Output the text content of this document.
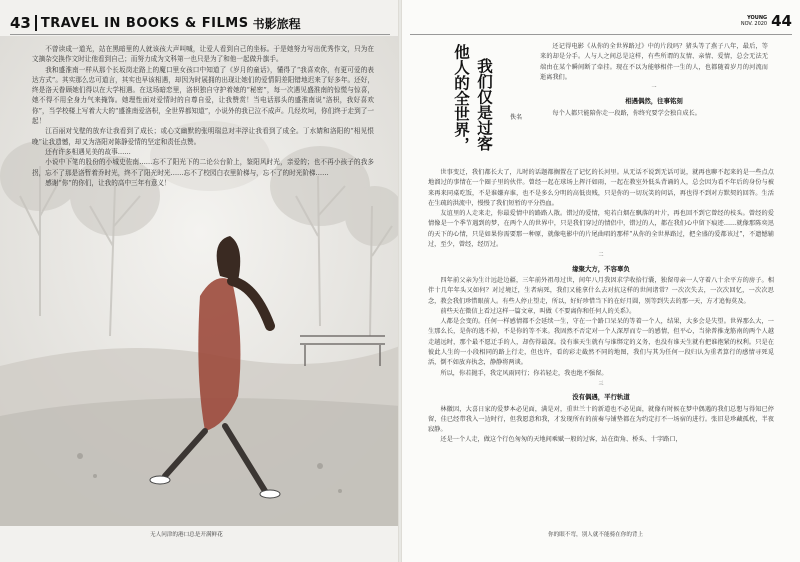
43 TRAVEL IN BOOKS & FILMS 书影旅程

不曾读成一道光，站在黑暗里的人就该孩大声叫喊，让爱人看到自己的坐标。于是她努力写出优秀作文，只为在文摘杂交换作文时让他看到自己；而努力成为文科第一也只是为了和他一起做升旗手。

我和盛淮南一样从那个长坂岗走路上的魔口里女孩口中知道了《岁月的童话》，懂得了“我喜欢你，有更可爱的表达方式”。其实那么忠可道言，其实也早该相遇，却因为时展拥的出现让她们的爱情阴差阳错地迟来了好多年。还好，终是洛天眷顾她们得以在大学相遇。在这场暗恋里，洛枳独自守护着她的“秘密”，每一次遇见盛淮南的惊慌与惊喜，她不得不用全身力气来掩饰。她理性面对爱情时的自尊自爱，让我赞赏！当电话那头的盛淮南说“洛枳，我好喜欢你”，当学校楼上写着大大的“盛淮南爱洛枳，全世界都知道”，小说外的我已泣不成声。几经坎坷，你们终于走到了一起！

江百丽对戈壁的放弃让我看到了成长；或心文幽默的张明瑞总对丰浮让我看到了成全。丁水婧和洛阳的“相见恨晚”让我遗憾，却又为洛阳对陈静爱情的坚定和责任点赞。

还有许多相遇见美的故事……

小说中下笔的股份的小城史佐南……忘不了阳光下的二论公台阶上，鉴阳风时光，亲爱的；也不再小孩子的我多拐，忘不了那是洛暂着乔时光，终不了阳光时光……忘不了校园白衣里阶梯与，忘不了的时光阶梯……

感谢“你”的你们，让我的高中三年有意义！

无人问津的港口总是开满鲜花
YOUNG
NOV. 2020 44
我们仅是过客
他人的全世界，	佚名

还记得电影《从你的全世界路过》中的片段吗？猪头等了燕子八年，最后，等来的却是分手。人与人之间总是这样，有些所谓的友情、亲情、爱情，总会无法无端由在某个瞬间断了牵挂。现在不以为能够相伴一生的人，也都随着岁月的河流而逝离我们。

一
相遇偶然，往事铭刻

每个人都只能陪你走一段路，你终究要学会独自成长。

世事变迁，我们都长大了，儿时的话题都搁置在了记忆的长河里。从无话不说到无话可说，就再也聊不起来的是一些点点地溜过的事情在一个圈子里的伙伴。曾经一起在球场上挥汗如雨，一起在教室外低头背诵的人，总会因为看不年后的身份与被来再来同桌吃饭，不是谁嫌弃谁，也不是多么分明的高低贵贱，只是你的一切玩笑的问话，再也得不到对方默契的回答。生活在生疏的洪流中，慢慢了我们短暂的平分热血。

友谊里的人走来走，你最爱情中的路路人散。错过的爱情，宛若白烟在飘落的叶片，再也回不到它曾经的枝头。曾经的爱情像是一个季节遇到的梦，在两个人的世界中，只是我们穿过的情侣中，错过的人，都在我们心中留下痕迹……就像那陈奕迅的天下的心情，只是如果你需要那一种原，就像电影中的片尾曲唱的那样“从你的全世界路过，把全盛的爱都该过”，不遗憾辅过，至少，曾经，经历过。

二
缘聚大方，不容辜负

四年前父亲为生计远赴边疆，三年前外祖母过世，间年八月我因求学收拾行囊，独留母亲一人守着八十余平方的房子。相伴十几年年头又如何？对过境迁，生者病死，我们又能拿什么去对抗这样的世间诸常？一次次失去，一次次回忆，一次次思念，教会我们珍惜眼前人。有些人停止望走，所以，好好珍惜当下的在好月圆，别等到失去的那一天，方才追悔莫及。

前些天在微信上看过这样一篇文章，叫做《不要离你和任何人的关系》。

人都是会变的。任何一样感情都不会延续一生，守在一个路口呆呆的等着一个人，结果，大多会是失望。世界那么大，一生那么长，是你的逃不掉，不是你的等不来。我固然不否定对一个人深厚而专一的感情，但平心，当徐普推龙筋南的两个人越走越远时，那个最不愿迁手的人，却伤得最深。没有谁天生就有与谁绑定的义务，也没有谁天生就有把谁抱紧的权利。只是在彼此人生的一小段相同的路上行走，但也许，看的彩走截然不同的地图，我们与其为任何一段归认为重者算行的感情寻死觅活，倒不如放弃执念，静静将两谈。

所以，你若抛手，我定风雨同行；你若轻走，我也绝不强留。

三
没有偶遇，平行轨道

林徽因，大喜日家的爱梦本必见面，满是对，重世兰十的新道也不必见面，就像有时候在梦中偶遇的我们总想与得知已停留，佳已经带我入一边时行，但我愿意和我，才发现所有的前奏与铺垫都在为约定打不一场宿的进行。张旧是珍藏孤枕，半夜寂静。

还是一个人走，做这个行色匆匆的天地间乘赋一般的过客，站在街角、桥头、十字路口，

你的眼不弯，别人就不能骑在你的背上
